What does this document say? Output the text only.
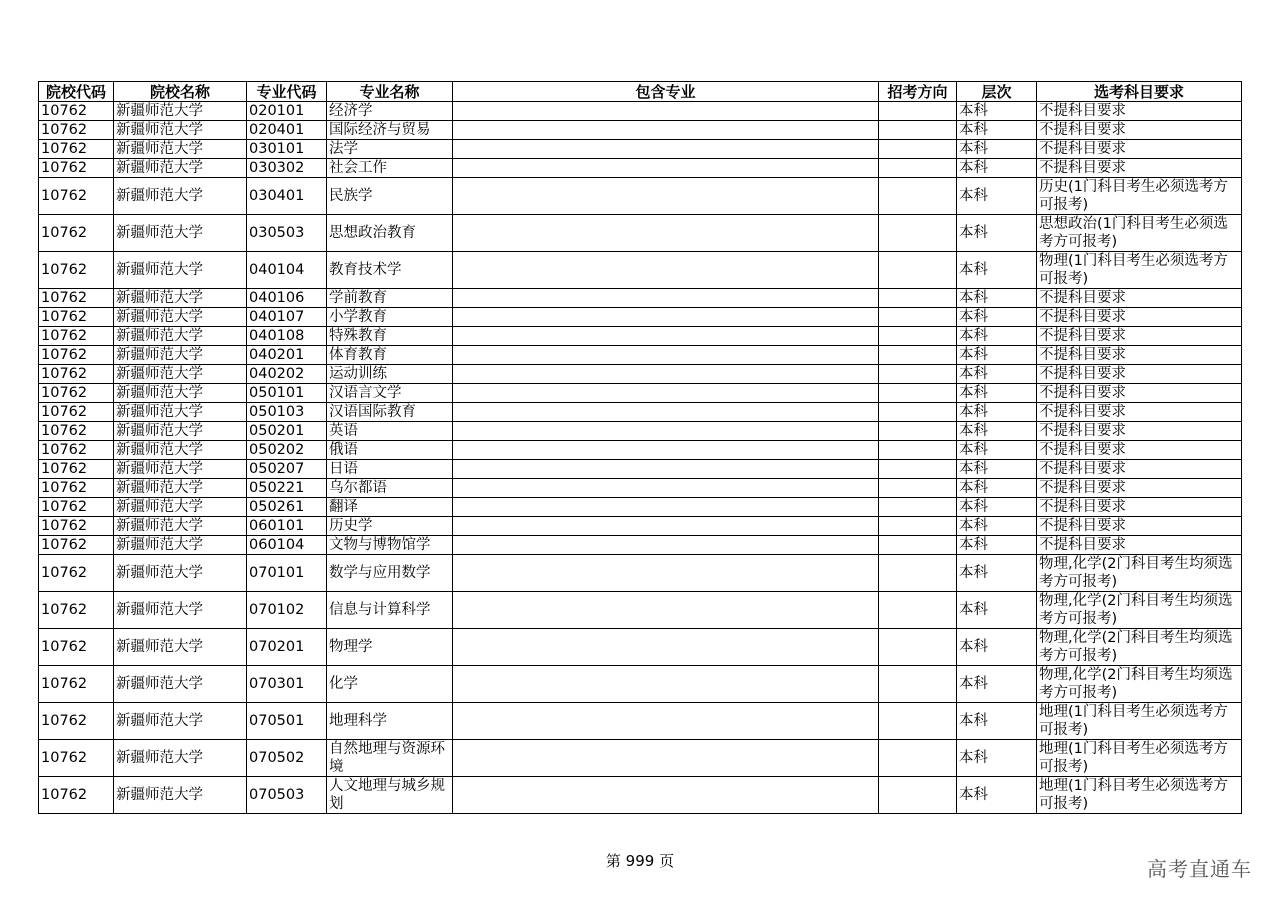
院校代码	院校名称	专业代码	专业名称	包含专业	招考方向	层次	选考科目要求
10762	新疆师范大学	020101	经济学			本科	不提科目要求
10762	新疆师范大学	020401	国际经济与贸易			本科	不提科目要求
10762	新疆师范大学	030101	法学			本科	不提科目要求
10762	新疆师范大学	030302	社会工作			本科	不提科目要求
10762	新疆师范大学	030401	民族学			本科	历史(1门科目考生必须选考方可报考)
10762	新疆师范大学	030503	思想政治教育			本科	思想政治(1门科目考生必须选考方可报考)
10762	新疆师范大学	040104	教育技术学			本科	物理(1门科目考生必须选考方可报考)
10762	新疆师范大学	040106	学前教育			本科	不提科目要求
10762	新疆师范大学	040107	小学教育			本科	不提科目要求
10762	新疆师范大学	040108	特殊教育			本科	不提科目要求
10762	新疆师范大学	040201	体育教育			本科	不提科目要求
10762	新疆师范大学	040202	运动训练			本科	不提科目要求
10762	新疆师范大学	050101	汉语言文学			本科	不提科目要求
10762	新疆师范大学	050103	汉语国际教育			本科	不提科目要求
10762	新疆师范大学	050201	英语			本科	不提科目要求
10762	新疆师范大学	050202	俄语			本科	不提科目要求
10762	新疆师范大学	050207	日语			本科	不提科目要求
10762	新疆师范大学	050221	乌尔都语			本科	不提科目要求
10762	新疆师范大学	050261	翻译			本科	不提科目要求
10762	新疆师范大学	060101	历史学			本科	不提科目要求
10762	新疆师范大学	060104	文物与博物馆学			本科	不提科目要求
10762	新疆师范大学	070101	数学与应用数学			本科	物理,化学(2门科目考生均须选考方可报考)
10762	新疆师范大学	070102	信息与计算科学			本科	物理,化学(2门科目考生均须选考方可报考)
10762	新疆师范大学	070201	物理学			本科	物理,化学(2门科目考生均须选考方可报考)
10762	新疆师范大学	070301	化学			本科	物理,化学(2门科目考生均须选考方可报考)
10762	新疆师范大学	070501	地理科学			本科	地理(1门科目考生必须选考方可报考)
10762	新疆师范大学	070502	自然地理与资源环境			本科	地理(1门科目考生必须选考方可报考)
10762	新疆师范大学	070503	人文地理与城乡规划			本科	地理(1门科目考生必须选考方可报考)
第 999 页	高考直通车
